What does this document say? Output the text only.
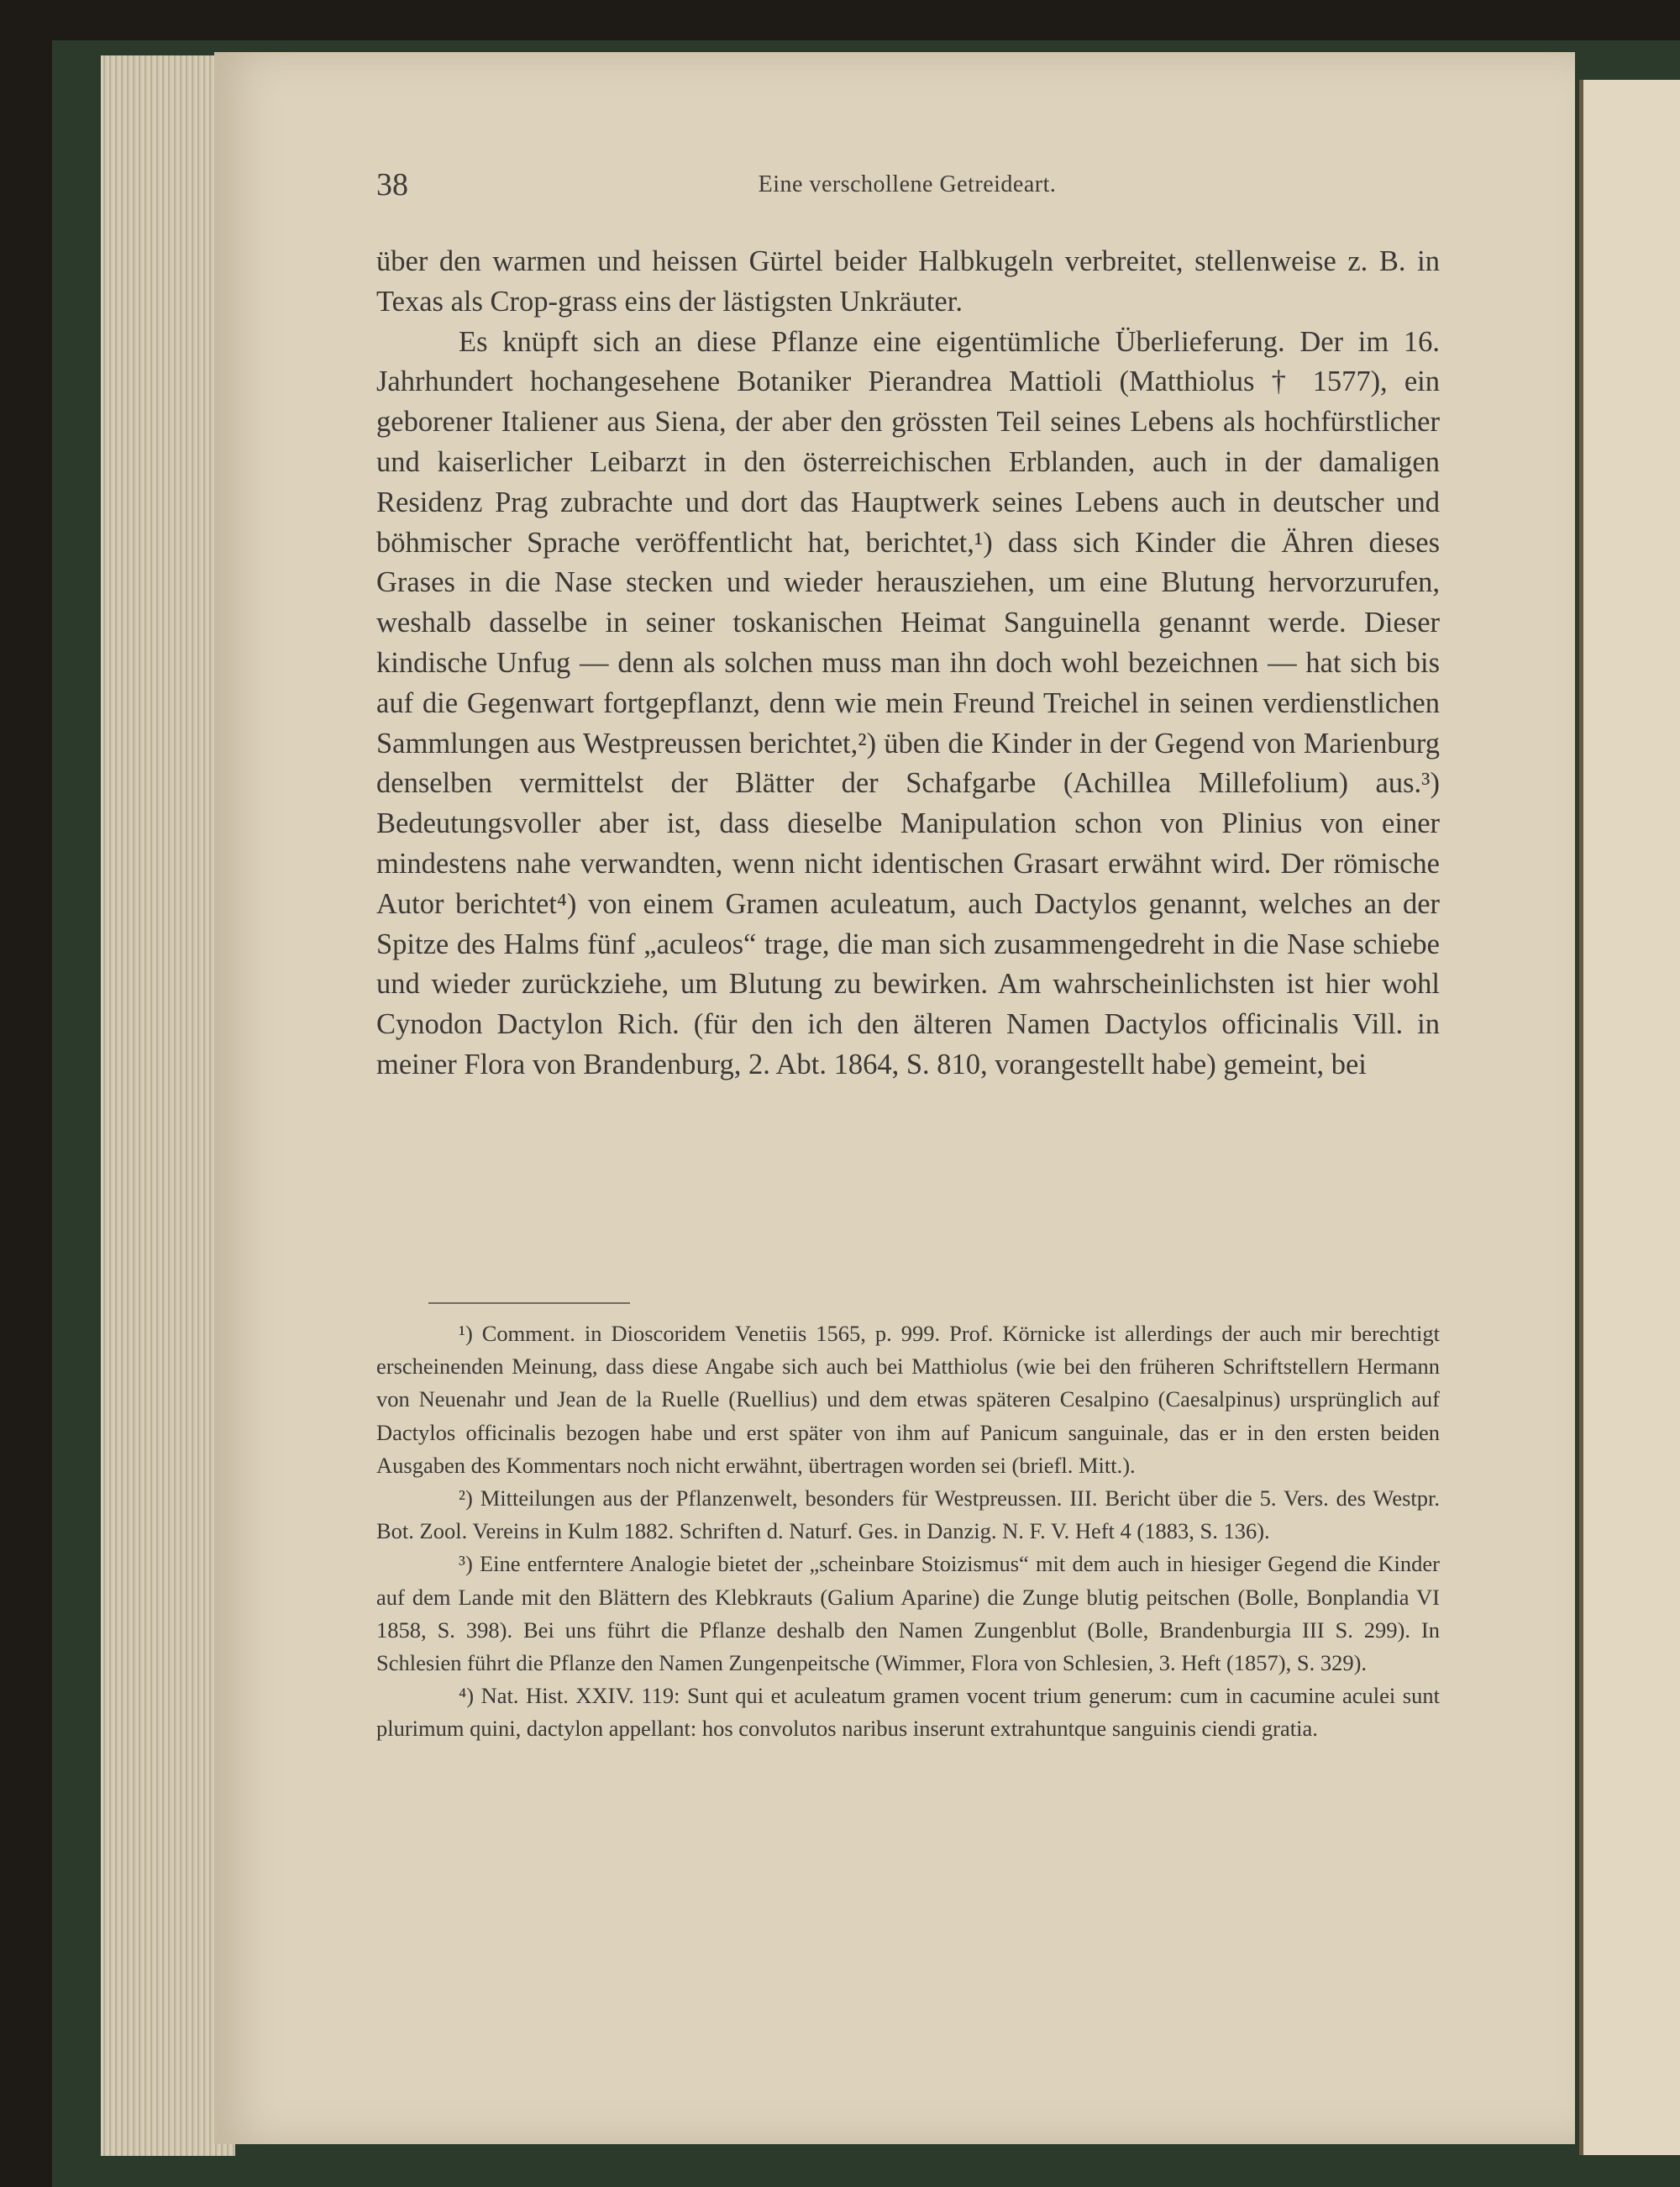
38	Eine verschollene Getreideart.

über den warmen und heissen Gürtel beider Halbkugeln verbreitet, stellenweise z. B. in Texas als Crop-grass eins der lästigsten Unkräuter.

Es knüpft sich an diese Pflanze eine eigentümliche Überlieferung. Der im 16. Jahrhundert hochangesehene Botaniker Pierandrea Mattioli (Matthiolus † 1577), ein geborener Italiener aus Siena, der aber den grössten Teil seines Lebens als hochfürstlicher und kaiserlicher Leibarzt in den österreichischen Erblanden, auch in der damaligen Residenz Prag zubrachte und dort das Hauptwerk seines Lebens auch in deutscher und böhmischer Sprache veröffentlicht hat, berichtet,¹) dass sich Kinder die Ähren dieses Grases in die Nase stecken und wieder herausziehen, um eine Blutung hervorzurufen, weshalb dasselbe in seiner toskanischen Heimat Sanguinella genannt werde. Dieser kindische Unfug — denn als solchen muss man ihn doch wohl bezeichnen — hat sich bis auf die Gegenwart fortgepflanzt, denn wie mein Freund Treichel in seinen verdienstlichen Sammlungen aus Westpreussen berichtet,²) üben die Kinder in der Gegend von Marienburg denselben vermittelst der Blätter der Schafgarbe (Achillea Millefolium) aus.³) Bedeutungsvoller aber ist, dass dieselbe Manipulation schon von Plinius von einer mindestens nahe verwandten, wenn nicht identischen Grasart erwähnt wird. Der römische Autor berichtet⁴) von einem Gramen aculeatum, auch Dactylos genannt, welches an der Spitze des Halms fünf „aculeos“ trage, die man sich zusammengedreht in die Nase schiebe und wieder zurückziehe, um Blutung zu bewirken. Am wahrscheinlichsten ist hier wohl Cynodon Dactylon Rich. (für den ich den älteren Namen Dactylos officinalis Vill. in meiner Flora von Brandenburg, 2. Abt. 1864, S. 810, vorangestellt habe) gemeint, bei

¹) Comment. in Dioscoridem Venetiis 1565, p. 999. Prof. Körnicke ist allerdings der auch mir berechtigt erscheinenden Meinung, dass diese Angabe sich auch bei Matthiolus (wie bei den früheren Schriftstellern Hermann von Neuenahr und Jean de la Ruelle (Ruellius) und dem etwas späteren Cesalpino (Caesalpinus) ursprünglich auf Dactylos officinalis bezogen habe und erst später von ihm auf Panicum sanguinale, das er in den ersten beiden Ausgaben des Kommentars noch nicht erwähnt, übertragen worden sei (briefl. Mitt.).

²) Mitteilungen aus der Pflanzenwelt, besonders für Westpreussen. III. Bericht über die 5. Vers. des Westpr. Bot. Zool. Vereins in Kulm 1882. Schriften d. Naturf. Ges. in Danzig. N. F. V. Heft 4 (1883, S. 136).

³) Eine entferntere Analogie bietet der „scheinbare Stoizismus“ mit dem auch in hiesiger Gegend die Kinder auf dem Lande mit den Blättern des Klebkrauts (Galium Aparine) die Zunge blutig peitschen (Bolle, Bonplandia VI 1858, S. 398). Bei uns führt die Pflanze deshalb den Namen Zungenblut (Bolle, Brandenburgia III S. 299). In Schlesien führt die Pflanze den Namen Zungenpeitsche (Wimmer, Flora von Schlesien, 3. Heft (1857), S. 329).

⁴) Nat. Hist. XXIV. 119: Sunt qui et aculeatum gramen vocent trium generum: cum in cacumine aculei sunt plurimum quini, dactylon appellant: hos convolutos naribus inserunt extrahuntque sanguinis ciendi gratia.
